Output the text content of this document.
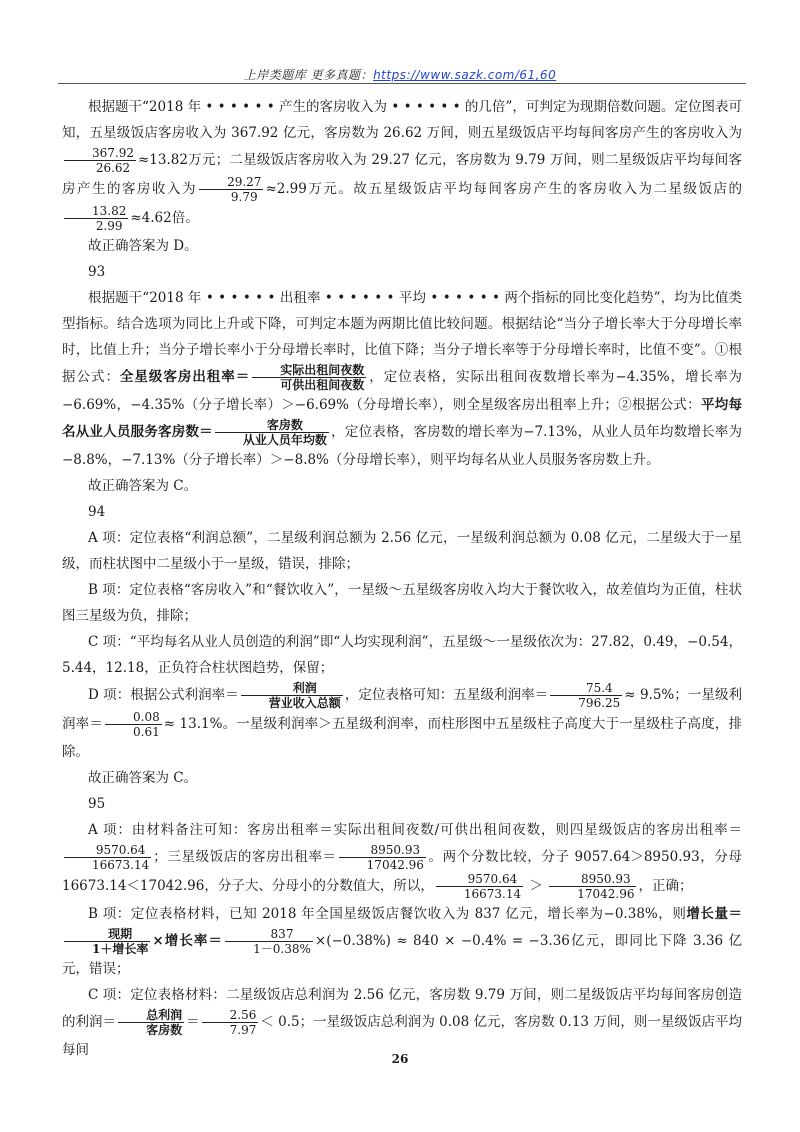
上岸类题库 更多真题：https://www.sazk.com/61,60

根据题干“2018 年 • • • • • • 产生的客房收入为 • • • • • • 的几倍”，可判定为现期倍数问题。定位图表可知，五星级饭店客房收入为 367.92 亿元，客房数为 26.62 万间，则五星级饭店平均每间客房产生的客房收入为
$\frac{367.92}{26.62} \approx 13.82$万元；二星级饭店客房收入为 29.27 亿元，客房数为 9.79 万间，则二星级饭店平均每间客房产生的客房收入为 $\frac{29.27}{9.79} \approx 2.99$万元。故五星级饭店平均每间客房产生的客房收入为二星级饭店的
$\frac{13.82}{2.99} \approx 4.62$倍。

故正确答案为 D。

93

根据题干“2018 年 • • • • • • 出租率 • • • • • • 平均 • • • • • • 两个指标的同比变化趋势”，均为比值类型指标。结合选项为同比上升或下降，可判定本题为两期比值比较问题。根据结论“当分子增长率大于分母增长率时，比值上升；当分子增长率小于分母增长率时，比值下降；当分子增长率等于分母增长率时，比值不变”。①根据公式：全星级客房出租率＝ $\frac{\text{实际出租间夜数}}{\text{可供出租间夜数}}$ ，定位表格，实际出租间夜数增长率为−4.35%，增长率为−6.69%，−4.35%（分子增长率）＞−6.69%（分母增长率），则全星级客房出租率上升；②根据公式：平均每名从业人员服务客房数＝ $\frac{\text{客房数}}{\text{从业人员年均数}}$ ，定位表格，客房数的增长率为−7.13%，从业人员年均数增长率为−8.8%，−7.13%（分子增长率）＞−8.8%（分母增长率），则平均每名从业人员服务客房数上升。

故正确答案为 C。

94

A 项：定位表格“利润总额”，二星级利润总额为 2.56 亿元，一星级利润总额为 0.08 亿元，二星级大于一星级，而柱状图中二星级小于一星级，错误，排除；

B 项：定位表格“客房收入”和“餐饮收入”，一星级～五星级客房收入均大于餐饮收入，故差值均为正值，柱状图三星级为负，排除；

C 项：“平均每名从业人员创造的利润”即“人均实现利润”，五星级～一星级依次为：27.82，0.49，−0.54，5.44，12.18，正负符合柱状图趋势，保留；

D 项：根据公式利润率＝ $\frac{\text{利润}}{\text{营业收入总额}}$ ，定位表格可知：五星级利润率＝ $\frac{75.4}{796.25} \approx 9.5\%$；一星级利润率＝ $\frac{0.08}{0.61} \approx 13.1\%$。一星级利润率＞五星级利润率，而柱形图中五星级柱子高度大于一星级柱子高度，排除。

故正确答案为 C。

95

A 项：由材料备注可知：客房出租率＝实际出租间夜数/可供出租间夜数，则四星级饭店的客房出租率＝
$\frac{9570.64}{16673.14}$ ；三星级饭店的客房出租率＝ $\frac{8950.93}{17042.96}$ 。两个分数比较，分子 9057.64＞8950.93，分母 16673.14＜17042.96，分子大、分母小的分数值大，所以， $\frac{9570.64}{16673.14} > \frac{8950.93}{17042.96}$ ，正确；

B 项：定位表格材料，已知 2018 年全国星级饭店餐饮收入为 837 亿元，增长率为−0.38%，则增长量＝
$\frac{\text{现期}}{\text{1＋增长率}}$ ×增长率＝ $\frac{837}{1-0.38\%} \times(-0.38\%) \approx 840 \times -0.4\% = -3.36$亿元，即同比下降 3.36 亿元，错误；

C 项：定位表格材料：二星级饭店总利润为 2.56 亿元，客房数 9.79 万间，则二星级饭店平均每间客房创造的利润＝ $\frac{\text{总利润}}{\text{客房数}} = \frac{2.56}{7.97} < 0.5$；一星级饭店总利润为 0.08 亿元，客房数 0.13 万间，则一星级饭店平均每间

26
